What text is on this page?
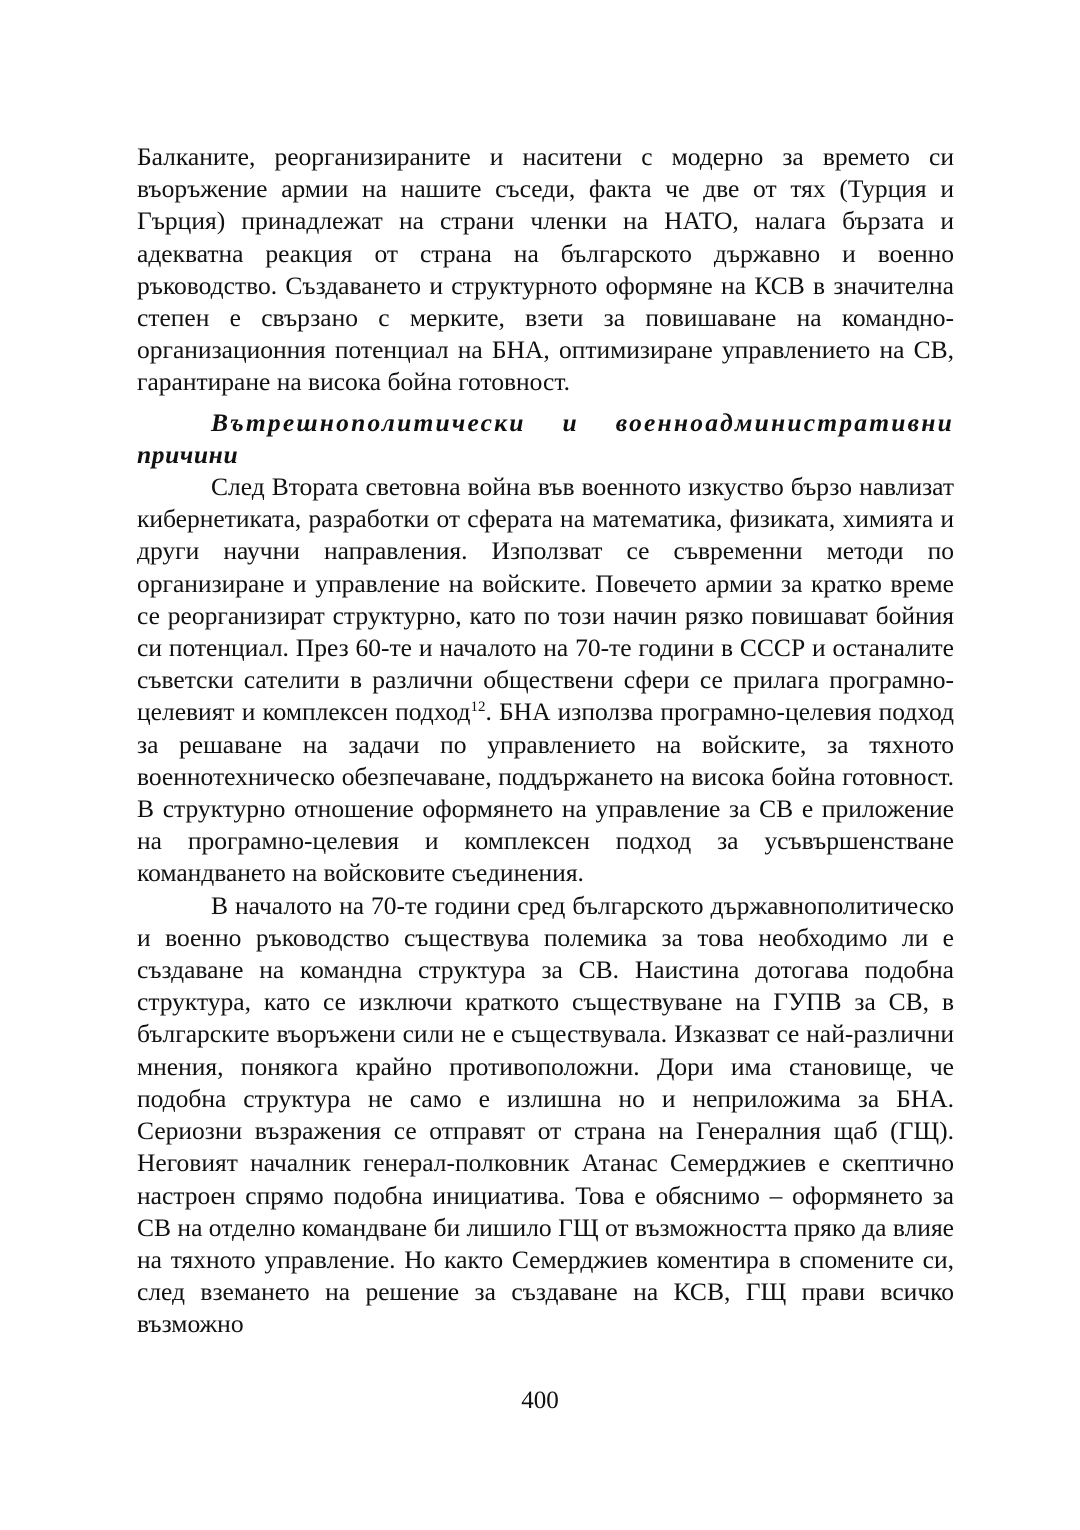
Балканите, реорганизираните и наситени с модерно за времето си въоръжение армии на нашите съседи, факта че две от тях (Турция и Гърция) принадлежат на страни членки на НАТО, налага бързата и адекватна реакция от страна на българското държавно и военно ръководство. Създаването и структурното оформяне на КСВ в значителна степен е свързано с мерките, взети за повишаване на командно-организационния потенциал на БНА, оптимизиране управлението на СВ, гарантиране на висока бойна готовност.

Вътрешнополитически и военноадминистративни причини

След Втората световна война във военното изкуство бързо навлизат кибернетиката, разработки от сферата на математика, физиката, химията и други научни направления. Използват се съвременни методи по организиране и управление на войските. Повечето армии за кратко време се реорганизират структурно, като по този начин рязко повишават бойния си потенциал. През 60-те и началото на 70-те години в СССР и останалите съветски сателити в различни обществени сфери се прилага програмно-целевият и комплексен подход$^{12}$. БНА използва програмно-целевия подход за решаване на задачи по управлението на войските, за тяхното военнотехническо обезпечаване, поддържането на висока бойна готовност. В структурно отношение оформянето на управление за СВ е приложение на програмно-целевия и комплексен подход за усъвършенстване командването на войсковите съединения.

В началото на 70-те години сред българското държавнополитическо и военно ръководство съществува полемика за това необходимо ли е създаване на командна структура за СВ. Наистина дотогава подобна структура, като се изключи краткото съществуване на ГУПВ за СВ, в българските въоръжени сили не е съществувала. Изказват се най-различни мнения, понякога крайно противоположни. Дори има становище, че подобна структура не само е излишна но и неприложима за БНА. Сериозни възражения се отправят от страна на Генералния щаб (ГЩ). Неговият началник генерал-полковник Атанас Семерджиев е скептично настроен спрямо подобна инициатива. Това е обяснимо – оформянето за СВ на отделно командване би лишило ГЩ от възможността пряко да влияе на тяхното управление. Но както Семерджиев коментира в спомените си, след вземането на решение за създаване на КСВ, ГЩ прави всичко възможно

400
